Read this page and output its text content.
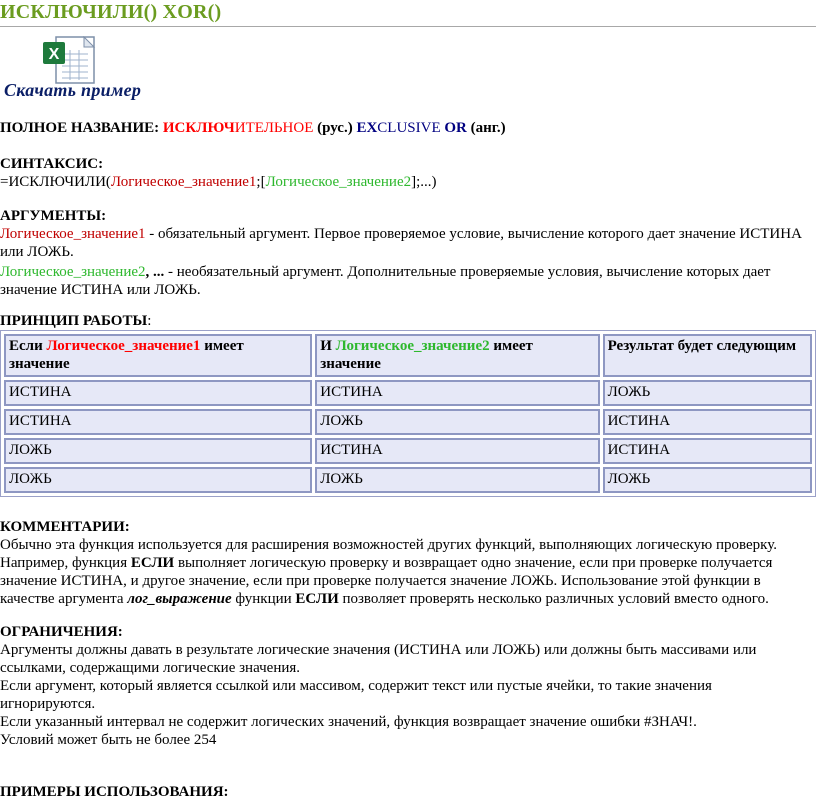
ИСКЛЮЧИЛИ() XOR()
X
Скачать пример
ПОЛНОЕ НАЗВАНИЕ: ИСКЛЮЧИТЕЛЬНОЕ (рус.) EXCLUSIVE OR (анг.)
СИНТАКСИС:
=ИСКЛЮЧИЛИ(Логическое_значение1;[Логическое_значение2];...)
АРГУМЕНТЫ:
Логическое_значение1 - обязательный аргумент. Первое проверяемое условие, вычисление которого дает значение ИСТИНА или ЛОЖЬ.
Логическое_значение2, ... - необязательный аргумент. Дополнительные проверяемые условия, вычисление которых дает значение ИСТИНА или ЛОЖЬ.
ПРИНЦИП РАБОТЫ:
Если Логическое_значение1 имеет значение	И Логическое_значение2 имеет значение	Результат будет следующим
ИСТИНА	ИСТИНА	ЛОЖЬ
ИСТИНА	ЛОЖЬ	ИСТИНА
ЛОЖЬ	ИСТИНА	ИСТИНА
ЛОЖЬ	ЛОЖЬ	ЛОЖЬ
КОММЕНТАРИИ:
Обычно эта функция используется для расширения возможностей других функций, выполняющих логическую проверку. Например, функция ЕСЛИ выполняет логическую проверку и возвращает одно значение, если при проверке получается значение ИСТИНА, и другое значение, если при проверке получается значение ЛОЖЬ. Использование этой функции в качестве аргумента лог_выражение функции ЕСЛИ позволяет проверять несколько различных условий вместо одного.
ОГРАНИЧЕНИЯ:
Аргументы должны давать в результате логические значения (ИСТИНА или ЛОЖЬ) или должны быть массивами или ссылками, содержащими логические значения.
Если аргумент, который является ссылкой или массивом, содержит текст или пустые ячейки, то такие значения игнорируются.
Если указанный интервал не содержит логических значений, функция возвращает значение ошибки #ЗНАЧ!.
Условий может быть не более 254
ПРИМЕРЫ ИСПОЛЬЗОВАНИЯ:
